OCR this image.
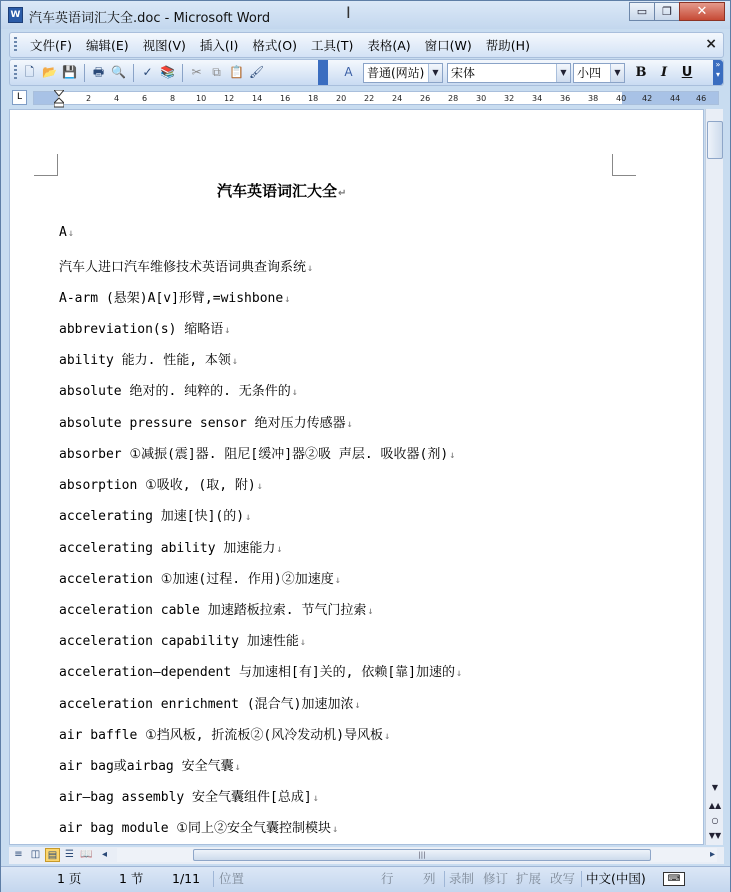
W 汽车英语词汇大全.doc - Microsoft Word	I	▭ ❐ ✕
文件(F)	编辑(E)	视图(V)	插入(I)	格式(O)	工具(T)	表格(A)	窗口(W)	帮助(H)	×
🗋 📂 💾 🖶 🔍 ✓ 📚 ✂ ⧉ 📋 🖌	A	普通(网站)	▼	宋体	▼ 小四	▼ B	I	U
»
▾
L	2	4	6	8	10 12 14 16 18 20 22 24 26 28 30 32 34 36 38 40 42 44 46
汽车英语词汇大全↵
A↓
汽车人进口汽车维修技术英语词典查询系统↓
A-arm (悬架)A[v]形臂,=wishbone↓
abbreviation(s) 缩略语↓
ability 能力. 性能, 本领↓
absolute 绝对的. 纯粹的. 无条件的↓
absolute pressure sensor 绝对压力传感器↓
absorber ①减振(震]器. 阻尼[缓冲]器②吸 声层. 吸收器(剂)↓
absorption ①吸收, (取, 附)↓
accelerating 加速[快](的)↓
accelerating ability 加速能力↓
acceleration ①加速(过程. 作用)②加速度↓
acceleration cable 加速踏板拉索. 节气门拉索↓
acceleration capability 加速性能↓
acceleration—dependent 与加速相[有]关的, 依赖[靠]加速的↓
acceleration enrichment (混合气)加速加浓↓
air baffle ①挡风板, 折流板②(风冷发动机)导风板↓
air bag或airbag 安全气囊↓
air—bag assembly 安全气囊组件[总成]↓
air bag module ①同上②安全气囊控制模块↓
▼
▲▲
○
▼▼
≡ ◫ ▤ ☰ 📖 ◂	|||	▸
1 页	1 节 1/11 位置	行 列 录制 修订 扩展 改写 中文(中国)	⌨
